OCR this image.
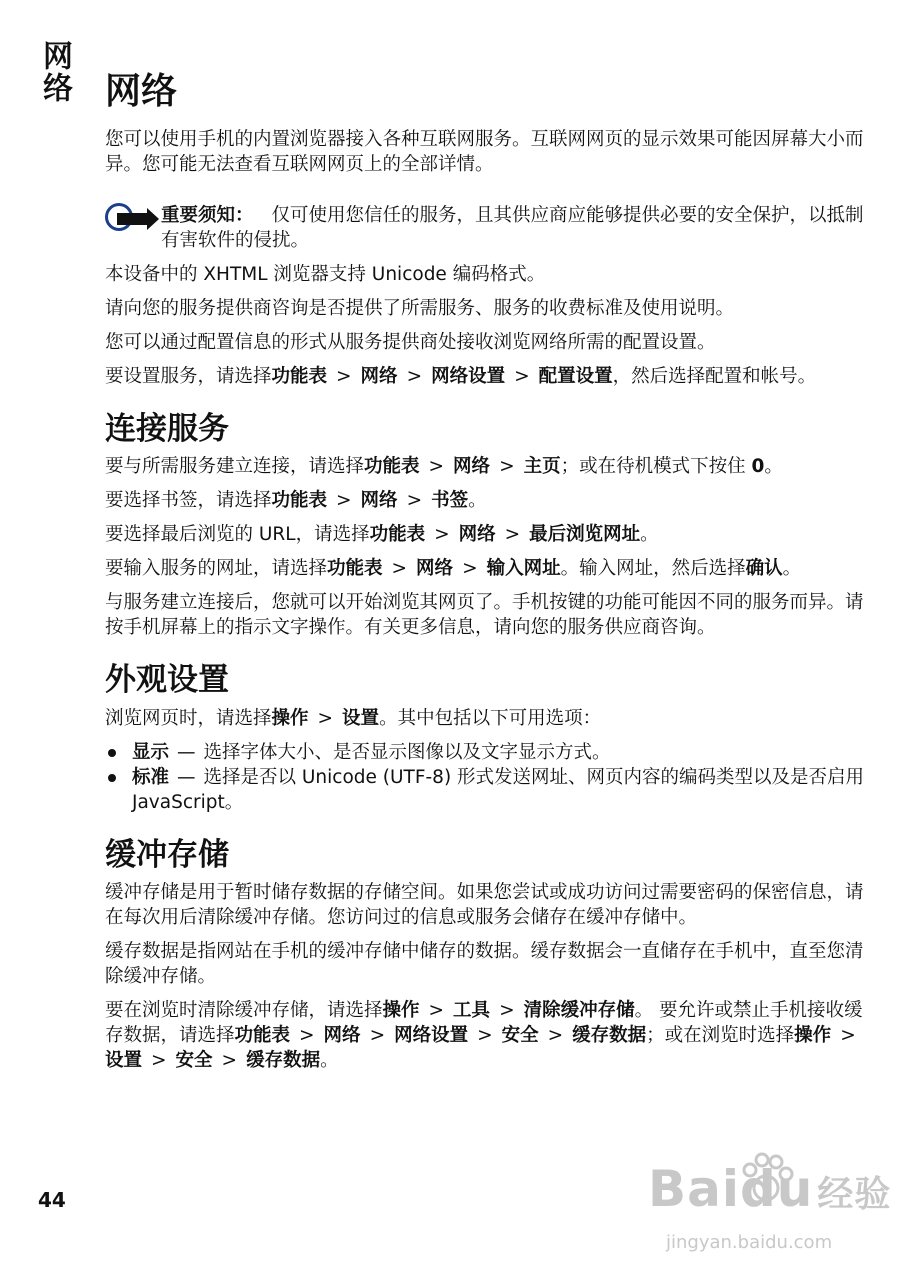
网络 网络

您可以使用手机的内置浏览器接入各种互联网服务。互联网网页的显示效果可能因屏幕大小而异。您可能无法查看互联网网页上的全部详情。

重要须知： 仅可使用您信任的服务，且其供应商应能够提供必要的安全保护，以抵制有害软件的侵扰。

本设备中的 XHTML 浏览器支持 Unicode 编码格式。

请向您的服务提供商咨询是否提供了所需服务、服务的收费标准及使用说明。

您可以通过配置信息的形式从服务提供商处接收浏览网络所需的配置设置。

要设置服务，请选择功能表 > 网络 > 网络设置 > 配置设置，然后选择配置和帐号。

连接服务

要与所需服务建立连接，请选择功能表 > 网络 > 主页；或在待机模式下按住 0。

要选择书签，请选择功能表 > 网络 > 书签。

要选择最后浏览的 URL，请选择功能表 > 网络 > 最后浏览网址。

要输入服务的网址，请选择功能表 > 网络 > 输入网址。输入网址，然后选择确认。

与服务建立连接后，您就可以开始浏览其网页了。手机按键的功能可能因不同的服务而异。请按手机屏幕上的指示文字操作。有关更多信息，请向您的服务供应商咨询。

外观设置

浏览网页时，请选择操作 > 设置。其中包括以下可用选项：

显示 — 选择字体大小、是否显示图像以及文字显示方式。
标准 — 选择是否以 Unicode (UTF-8) 形式发送网址、网页内容的编码类型以及是否启用 JavaScript。
缓冲存储

缓冲存储是用于暂时储存数据的存储空间。如果您尝试或成功访问过需要密码的保密信息，请在每次用后清除缓冲存储。您访问过的信息或服务会储存在缓冲存储中。

缓存数据是指网站在手机的缓冲存储中储存的数据。缓存数据会一直储存在手机中，直至您清除缓冲存储。

要在浏览时清除缓冲存储，请选择操作 > 工具 > 清除缓冲存储。 要允许或禁止手机接收缓存数据，请选择功能表 > 网络 > 网络设置 > 安全 > 缓存数据；或在浏览时选择操作 >设置 > 安全 > 缓存数据。

44	Baidu 经验
jingyan.baidu.com
